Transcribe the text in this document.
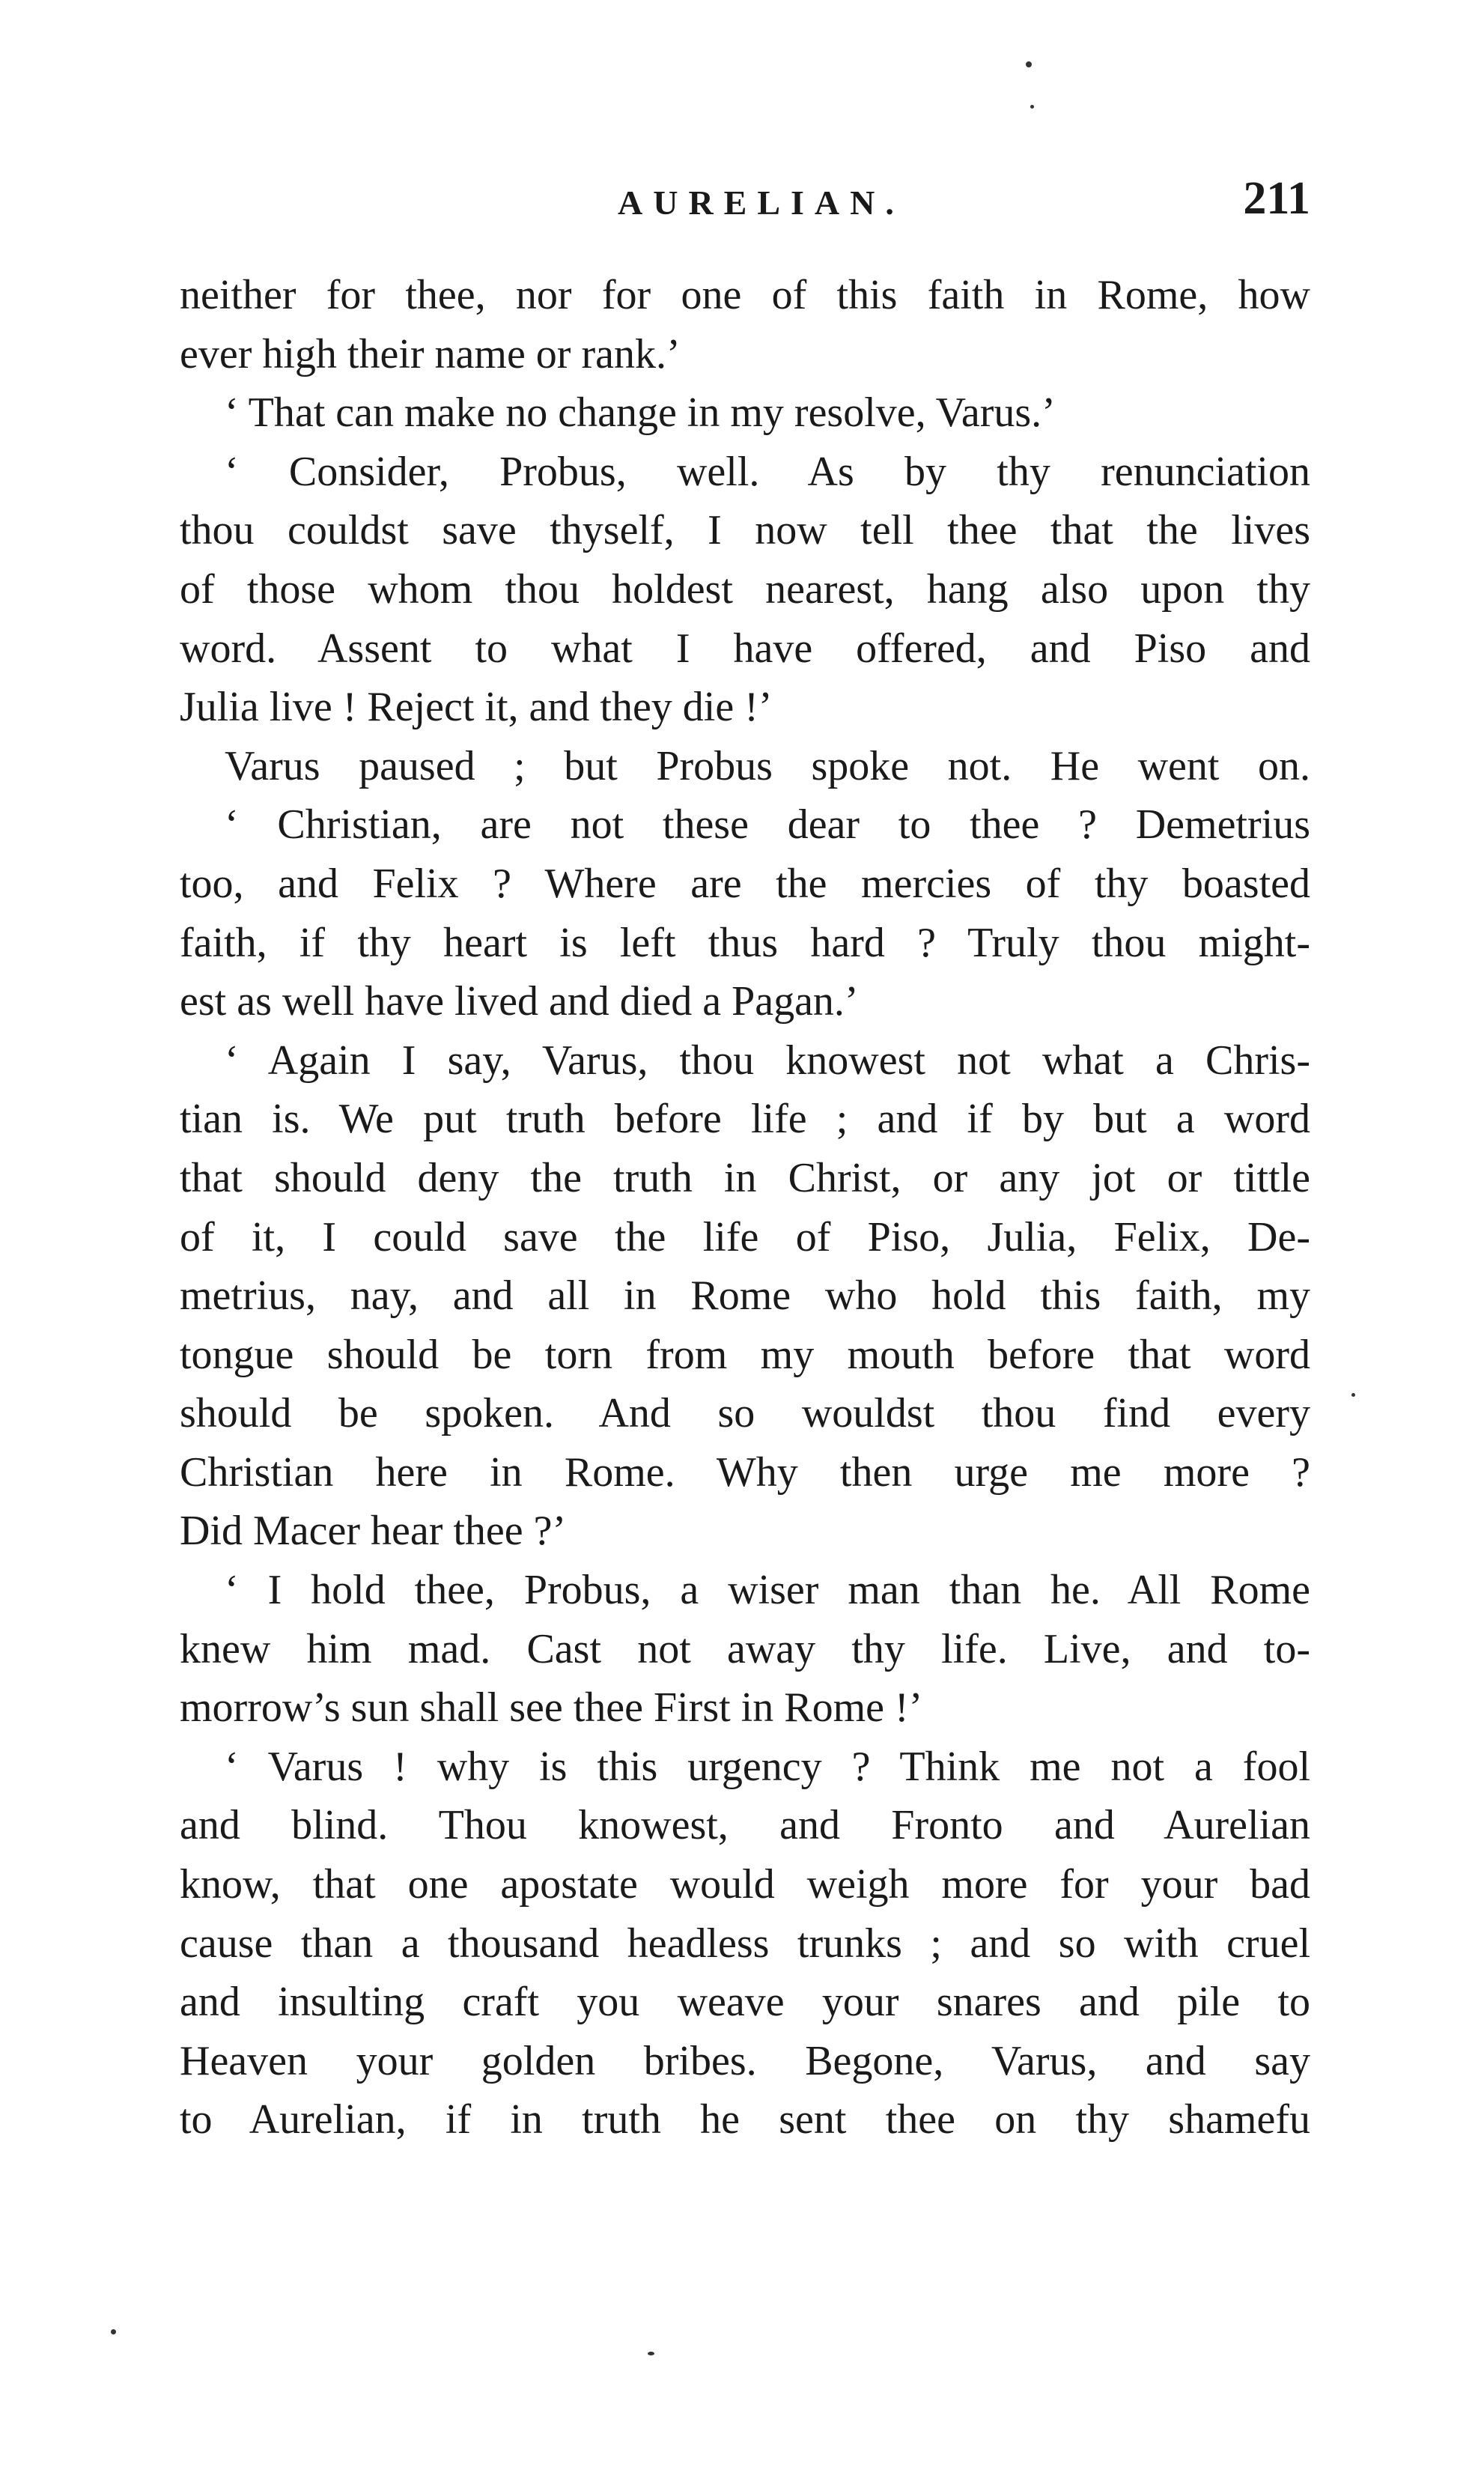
AURELIAN.	211
neither for thee, nor for one of this faith in Rome, how
ever high their name or rank.’
‘ That can make no change in my resolve, Varus.’
‘ Consider, Probus, well. As by thy renunciation
thou couldst save thyself, I now tell thee that the lives
of those whom thou holdest nearest, hang also upon thy
word. Assent to what I have offered, and Piso and
Julia live ! Reject it, and they die !’
Varus paused ; but Probus spoke not. He went on.
‘ Christian, are not these dear to thee ? Demetrius
too, and Felix ? Where are the mercies of thy boasted
faith, if thy heart is left thus hard ? Truly thou might-
est as well have lived and died a Pagan.’
‘ Again I say, Varus, thou knowest not what a Chris-
tian is. We put truth before life ; and if by but a word
that should deny the truth in Christ, or any jot or tittle
of it, I could save the life of Piso, Julia, Felix, De-
metrius, nay, and all in Rome who hold this faith, my
tongue should be torn from my mouth before that word
should be spoken. And so wouldst thou find every
Christian here in Rome. Why then urge me more ?
Did Macer hear thee ?’
‘ I hold thee, Probus, a wiser man than he. All Rome
knew him mad. Cast not away thy life. Live, and to-
morrow’s sun shall see thee First in Rome !’
‘ Varus ! why is this urgency ? Think me not a fool
and blind. Thou knowest, and Fronto and Aurelian
know, that one apostate would weigh more for your bad
cause than a thousand headless trunks ; and so with cruel
and insulting craft you weave your snares and pile to
Heaven your golden bribes. Begone, Varus, and say
to Aurelian, if in truth he sent thee on thy shamefu
